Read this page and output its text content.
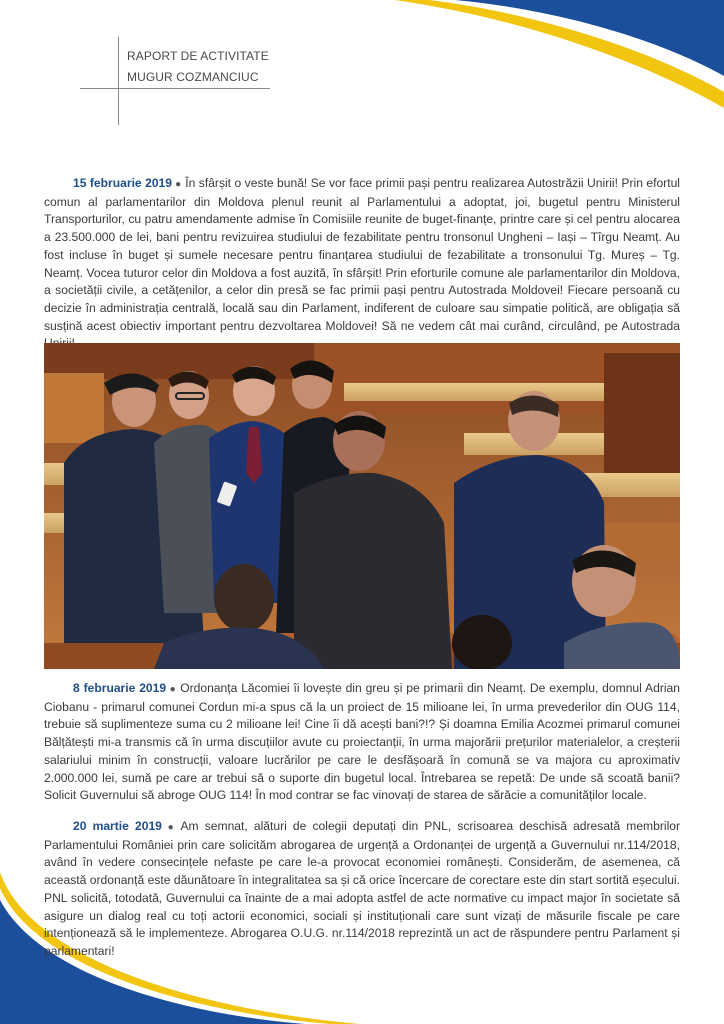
RAPORT DE ACTIVITATE
MUGUR COZMANCIUC
15 februarie 2019 ● În sfârșit o veste bună! Se vor face primii pași pentru realizarea Autostrăzii Unirii! Prin efortul comun al parlamentarilor din Moldova plenul reunit al Parlamentului a adoptat, joi, bugetul pentru Ministerul Transporturilor, cu patru amendamente admise în Comisiile reunite de buget-finanțe, printre care și cel pentru alocarea a 23.500.000 de lei, bani pentru revizuirea studiului de fezabilitate pentru tronsonul Ungheni – Iași – Tîrgu Neamț. Au fost incluse în buget și sumele necesare pentru finanțarea studiului de fezabilitate a tronsonului Tg. Mureș – Tg. Neamț. Vocea tuturor celor din Moldova a fost auzită, în sfârșit! Prin eforturile comune ale parlamentarilor din Moldova, a societății civile, a cetățenilor, a celor din presă se fac primii pași pentru Autostrada Moldovei! Fiecare persoană cu decizie în administrația centrală, locală sau din Parlament, indiferent de culoare sau simpatie politică, are obligația să susțină acest obiectiv important pentru dezvoltarea Moldovei! Să ne vedem cât mai curând, circulând, pe Autostrada
8 februarie 2019 ● Ordonanța Lăcomiei îi lovește din greu și pe primarii din Neamț. De exemplu, domnul Adrian Ciobanu - primarul comunei Cordun mi-a spus că la un proiect de 15 milioane lei, în urma prevederilor din OUG 114, trebuie să suplimenteze suma cu 2 milioane lei! Cine îi dă acești bani?!? Și doamna Emilia Acozmei primarul comunei Bălțătești mi-a transmis că în urma discuțiilor avute cu proiectanții, în urma majorării prețurilor materialelor, a creșterii salariului minim în construcții, valoare lucrărilor pe care le desfășoară în comună se va majora cu aproximativ 2.000.000 lei, sumă pe care ar trebui să o suporte din bugetul local. Întrebarea se repetă: De unde să scoată banii? Solicit Guvernului să abroge OUG 114! În mod contrar se fac vinovați de starea de sărăcie a comunităților locale.
20 martie 2019 ● Am semnat, alături de colegii deputați din PNL, scrisoarea deschisă adresată membrilor Parlamentului României prin care solicităm abrogarea de urgență a Ordonanței de urgență a Guvernului nr.114/2018, având în vedere consecințele nefaste pe care le-a provocat economiei românești. Considerăm, de asemenea, că această ordonanță este dăunătoare în integralitatea sa și că orice încercare de corectare este din start sortită eșecului. PNL solicită, totodată, Guvernului ca înainte de a mai adopta astfel de acte normative cu impact major în societate să asigure un dialog real cu toți actorii economici, sociali și instituționali care sunt vizați de măsurile fiscale pe care intenționează să le implementeze. Abrogarea O.U.G. nr.114/2018 reprezintă un act de răspundere pentru Parlament și parlamentari!
